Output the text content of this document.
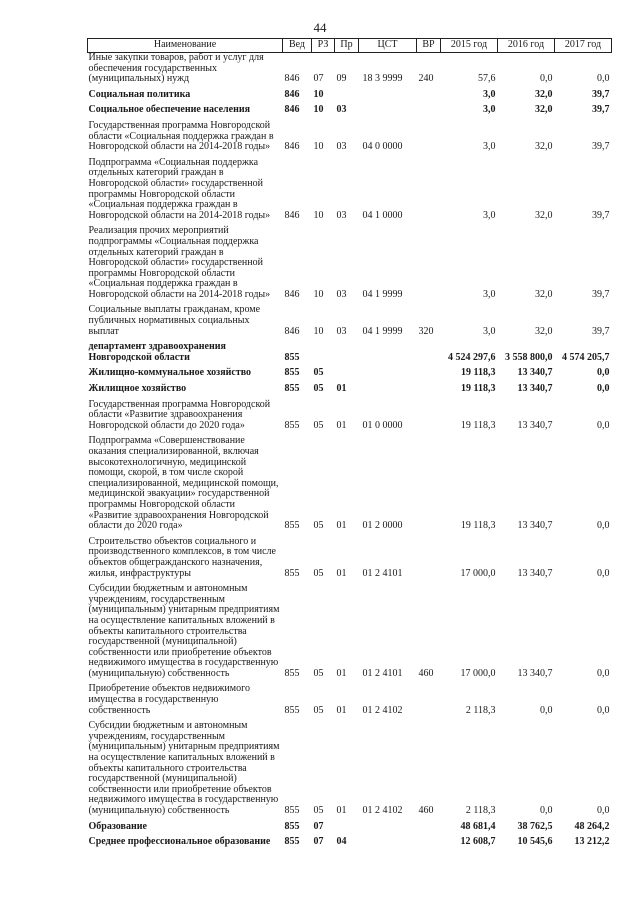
44
Наименование	Вед	РЗ	Пр	ЦСТ	ВР	2015 год	2016 год	2017 год
Иные закупки товаров, работ и услуг для обеспечения государственных (муниципальных) нужд	846	07	09	18 3 9999	240	57,6	0,0	0,0
Социальная политика	846	10				3,0	32,0	39,7
Социальное обеспечение населения	846	10	03			3,0	32,0	39,7
Государственная программа Новгородской области «Социальная поддержка граждан в Новгородской области на 2014-2018 годы»	846	10	03	04 0 0000		3,0	32,0	39,7
Подпрограмма «Социальная поддержка отдельных категорий граждан в Новгородской области» государственной программы Новгородской области «Социальная поддержка граждан в Новгородской области на 2014-2018 годы»	846	10	03	04 1 0000		3,0	32,0	39,7
Реализация прочих мероприятий подпрограммы «Социальная поддержка отдельных категорий граждан в Новгородской области» государственной программы Новгородской области «Социальная поддержка граждан в Новгородской области на 2014-2018 годы»	846	10	03	04 1 9999		3,0	32,0	39,7
Социальные выплаты гражданам, кроме публичных нормативных социальных выплат	846	10	03	04 1 9999	320	3,0	32,0	39,7
департамент здравоохранения Новгородской области	855					4 524 297,6	3 558 800,0	4 574 205,7
Жилищно-коммунальное хозяйство	855	05				19 118,3	13 340,7	0,0
Жилищное хозяйство	855	05	01			19 118,3	13 340,7	0,0
Государственная программа Новгородской области «Развитие здравоохранения Новгородской области до 2020 года»	855	05	01	01 0 0000		19 118,3	13 340,7	0,0
Подпрограмма «Совершенствование оказания специализированной, включая высокотехнологичную, медицинской помощи, скорой, в том числе скорой специализированной, медицинской помощи, медицинской эвакуации» государственной программы Новгородской области «Развитие здравоохранения Новгородской области до 2020 года»	855	05	01	01 2 0000		19 118,3	13 340,7	0,0
Строительство объектов социального и производственного комплексов, в том числе объектов общегражданского назначения, жилья, инфраструктуры	855	05	01	01 2 4101		17 000,0	13 340,7	0,0
Субсидии бюджетным и автономным учреждениям, государственным (муниципальным) унитарным предприятиям на осуществление капитальных вложений в объекты капитального строительства государственной (муниципальной) собственности или приобретение объектов недвижимого имущества в государственную (муниципальную) собственность	855	05	01	01 2 4101	460	17 000,0	13 340,7	0,0
Приобретение объектов недвижимого имущества в государственную собственность	855	05	01	01 2 4102		2 118,3	0,0	0,0
Субсидии бюджетным и автономным учреждениям, государственным (муниципальным) унитарным предприятиям на осуществление капитальных вложений в объекты капитального строительства государственной (муниципальной) собственности или приобретение объектов недвижимого имущества в государственную (муниципальную) собственность	855	05	01	01 2 4102	460	2 118,3	0,0	0,0
Образование	855	07				48 681,4	38 762,5	48 264,2
Среднее профессиональное образование	855	07	04			12 608,7	10 545,6	13 212,2
